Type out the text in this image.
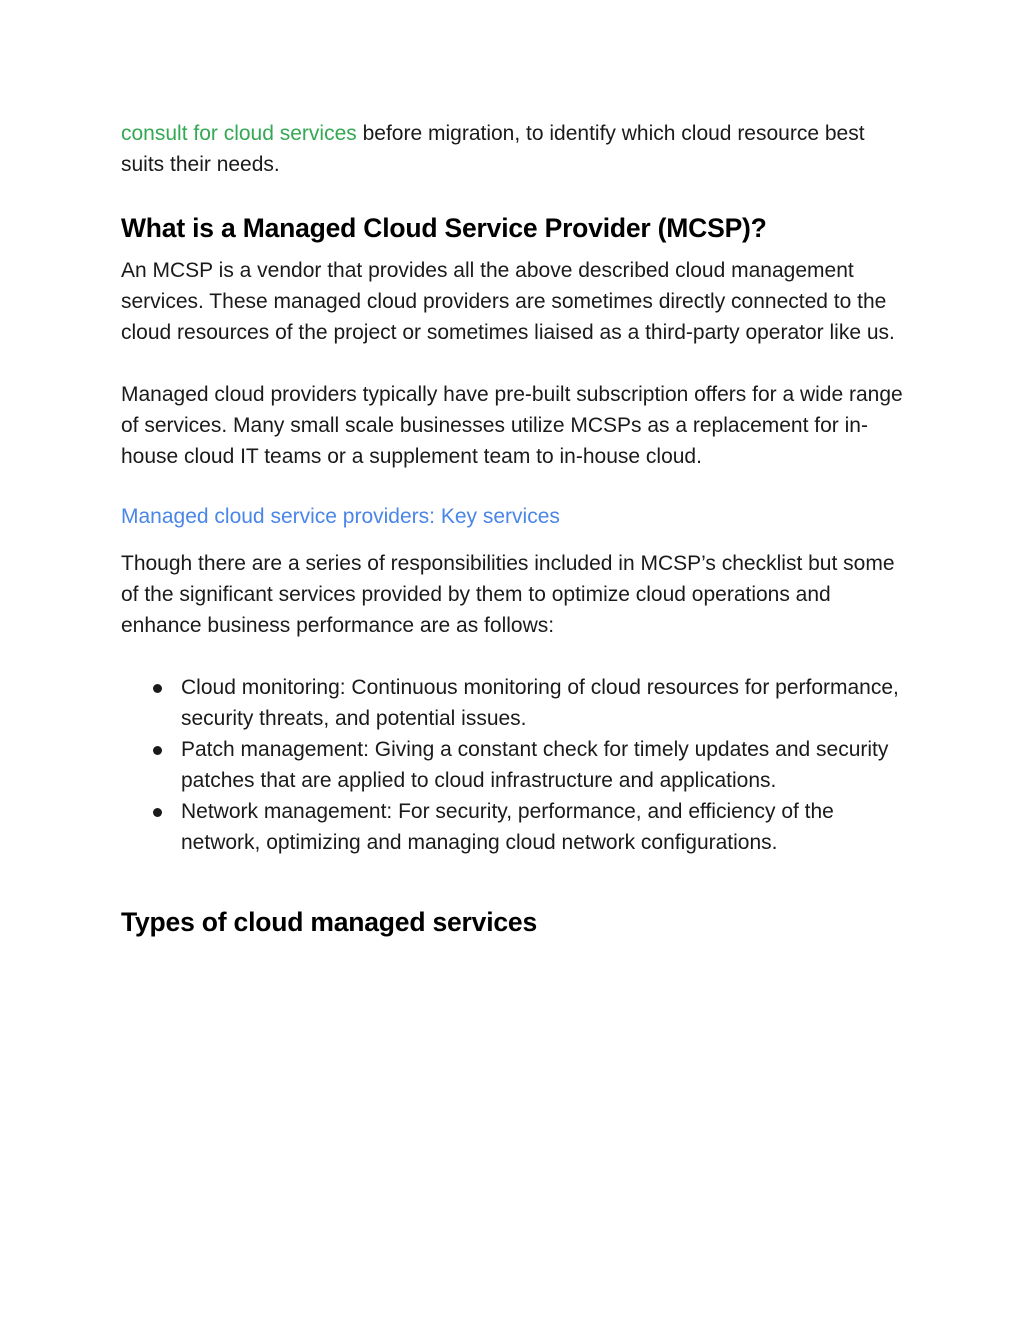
consult for cloud services before migration, to identify which cloud resource best suits their needs.

What is a Managed Cloud Service Provider (MCSP)?

An MCSP is a vendor that provides all the above described cloud management services. These managed cloud providers are sometimes directly connected to the cloud resources of the project or sometimes liaised as a third-party operator like us.

Managed cloud providers typically have pre-built subscription offers for a wide range of services. Many small scale businesses utilize MCSPs as a replacement for in-house cloud IT teams or a supplement team to in-house cloud.

Managed cloud service providers: Key services

Though there are a series of responsibilities included in MCSP’s checklist but some of the significant services provided by them to optimize cloud operations and enhance business performance are as follows:

Cloud monitoring: Continuous monitoring of cloud resources for performance, security threats, and potential issues.
Patch management: Giving a constant check for timely updates and security patches that are applied to cloud infrastructure and applications.
Network management: For security, performance, and efficiency of the network, optimizing and managing cloud network configurations.
Types of cloud managed services
